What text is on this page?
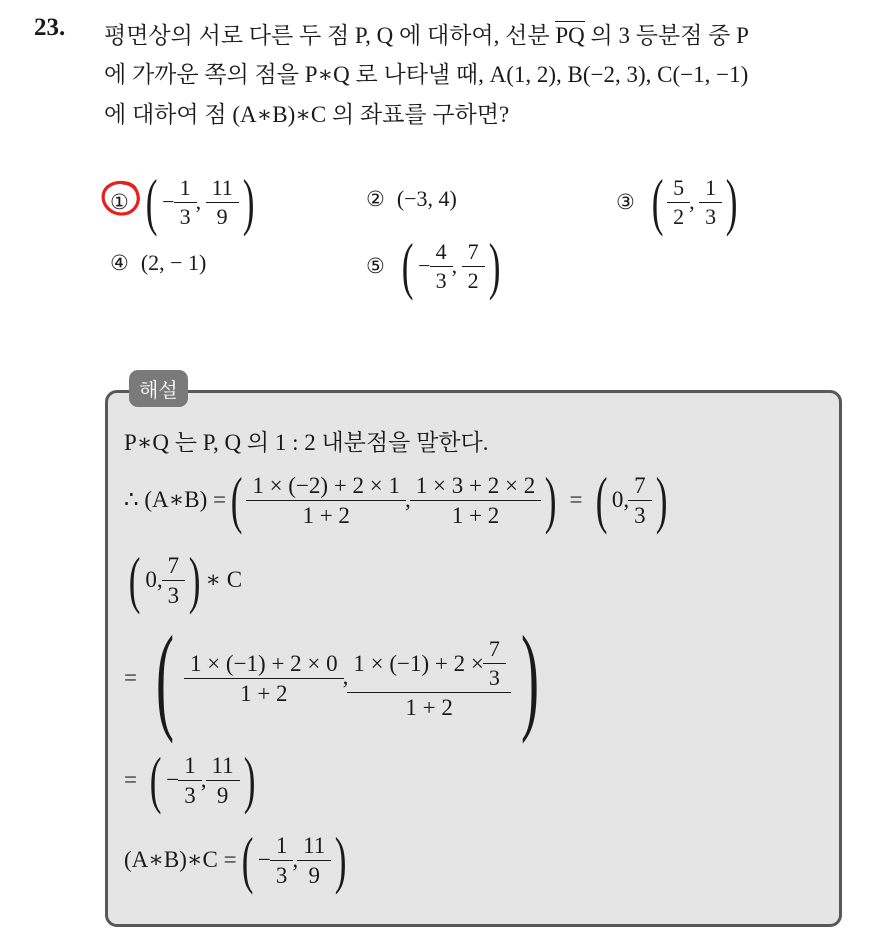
23. 평면상의 서로 다른 두 점 P, Q 에 대하여, 선분 PQ 의 3 등분점 중 P
에 가까운 쪽의 점을 P∗Q 로 나타낼 때, A(1, 2), B(−2, 3), C(−1, −1)
에 대하여 점 (A∗B)∗C 의 좌표를 구하면?
① ( − $\frac{1}{3}$ , $\frac{11}{9}$ )	② (−3, 4)	③ ( $\frac{5}{2}$ , $\frac{1}{3}$ )
④ (2, − 1)	⑤ ( − $\frac{4}{3}$ , $\frac{7}{2}$ )
해설
P∗Q 는 P, Q 의 1 : 2 내분점을 말한다.
∴ (A∗B) = ( $\frac{1 \times (-2) + 2 \times 1}{1 + 2}$ , $\frac{1 \times 3 + 2 \times 2}{1 + 2}$ ) = ( 0, $\frac{7}{3}$ )
( 0, $\frac{7}{3}$ ) ∗ C
= ( $\frac{1 \times (-1) + 2 \times 0}{1 + 2}$ , $\frac{1 \times (-1) + 2 \times \frac{7}{3}}{1 + 2}$ )
= ( − $\frac{1}{3}$ , $\frac{11}{9}$ )
(A∗B)∗C = ( − $\frac{1}{3}$ , $\frac{11}{9}$ )
